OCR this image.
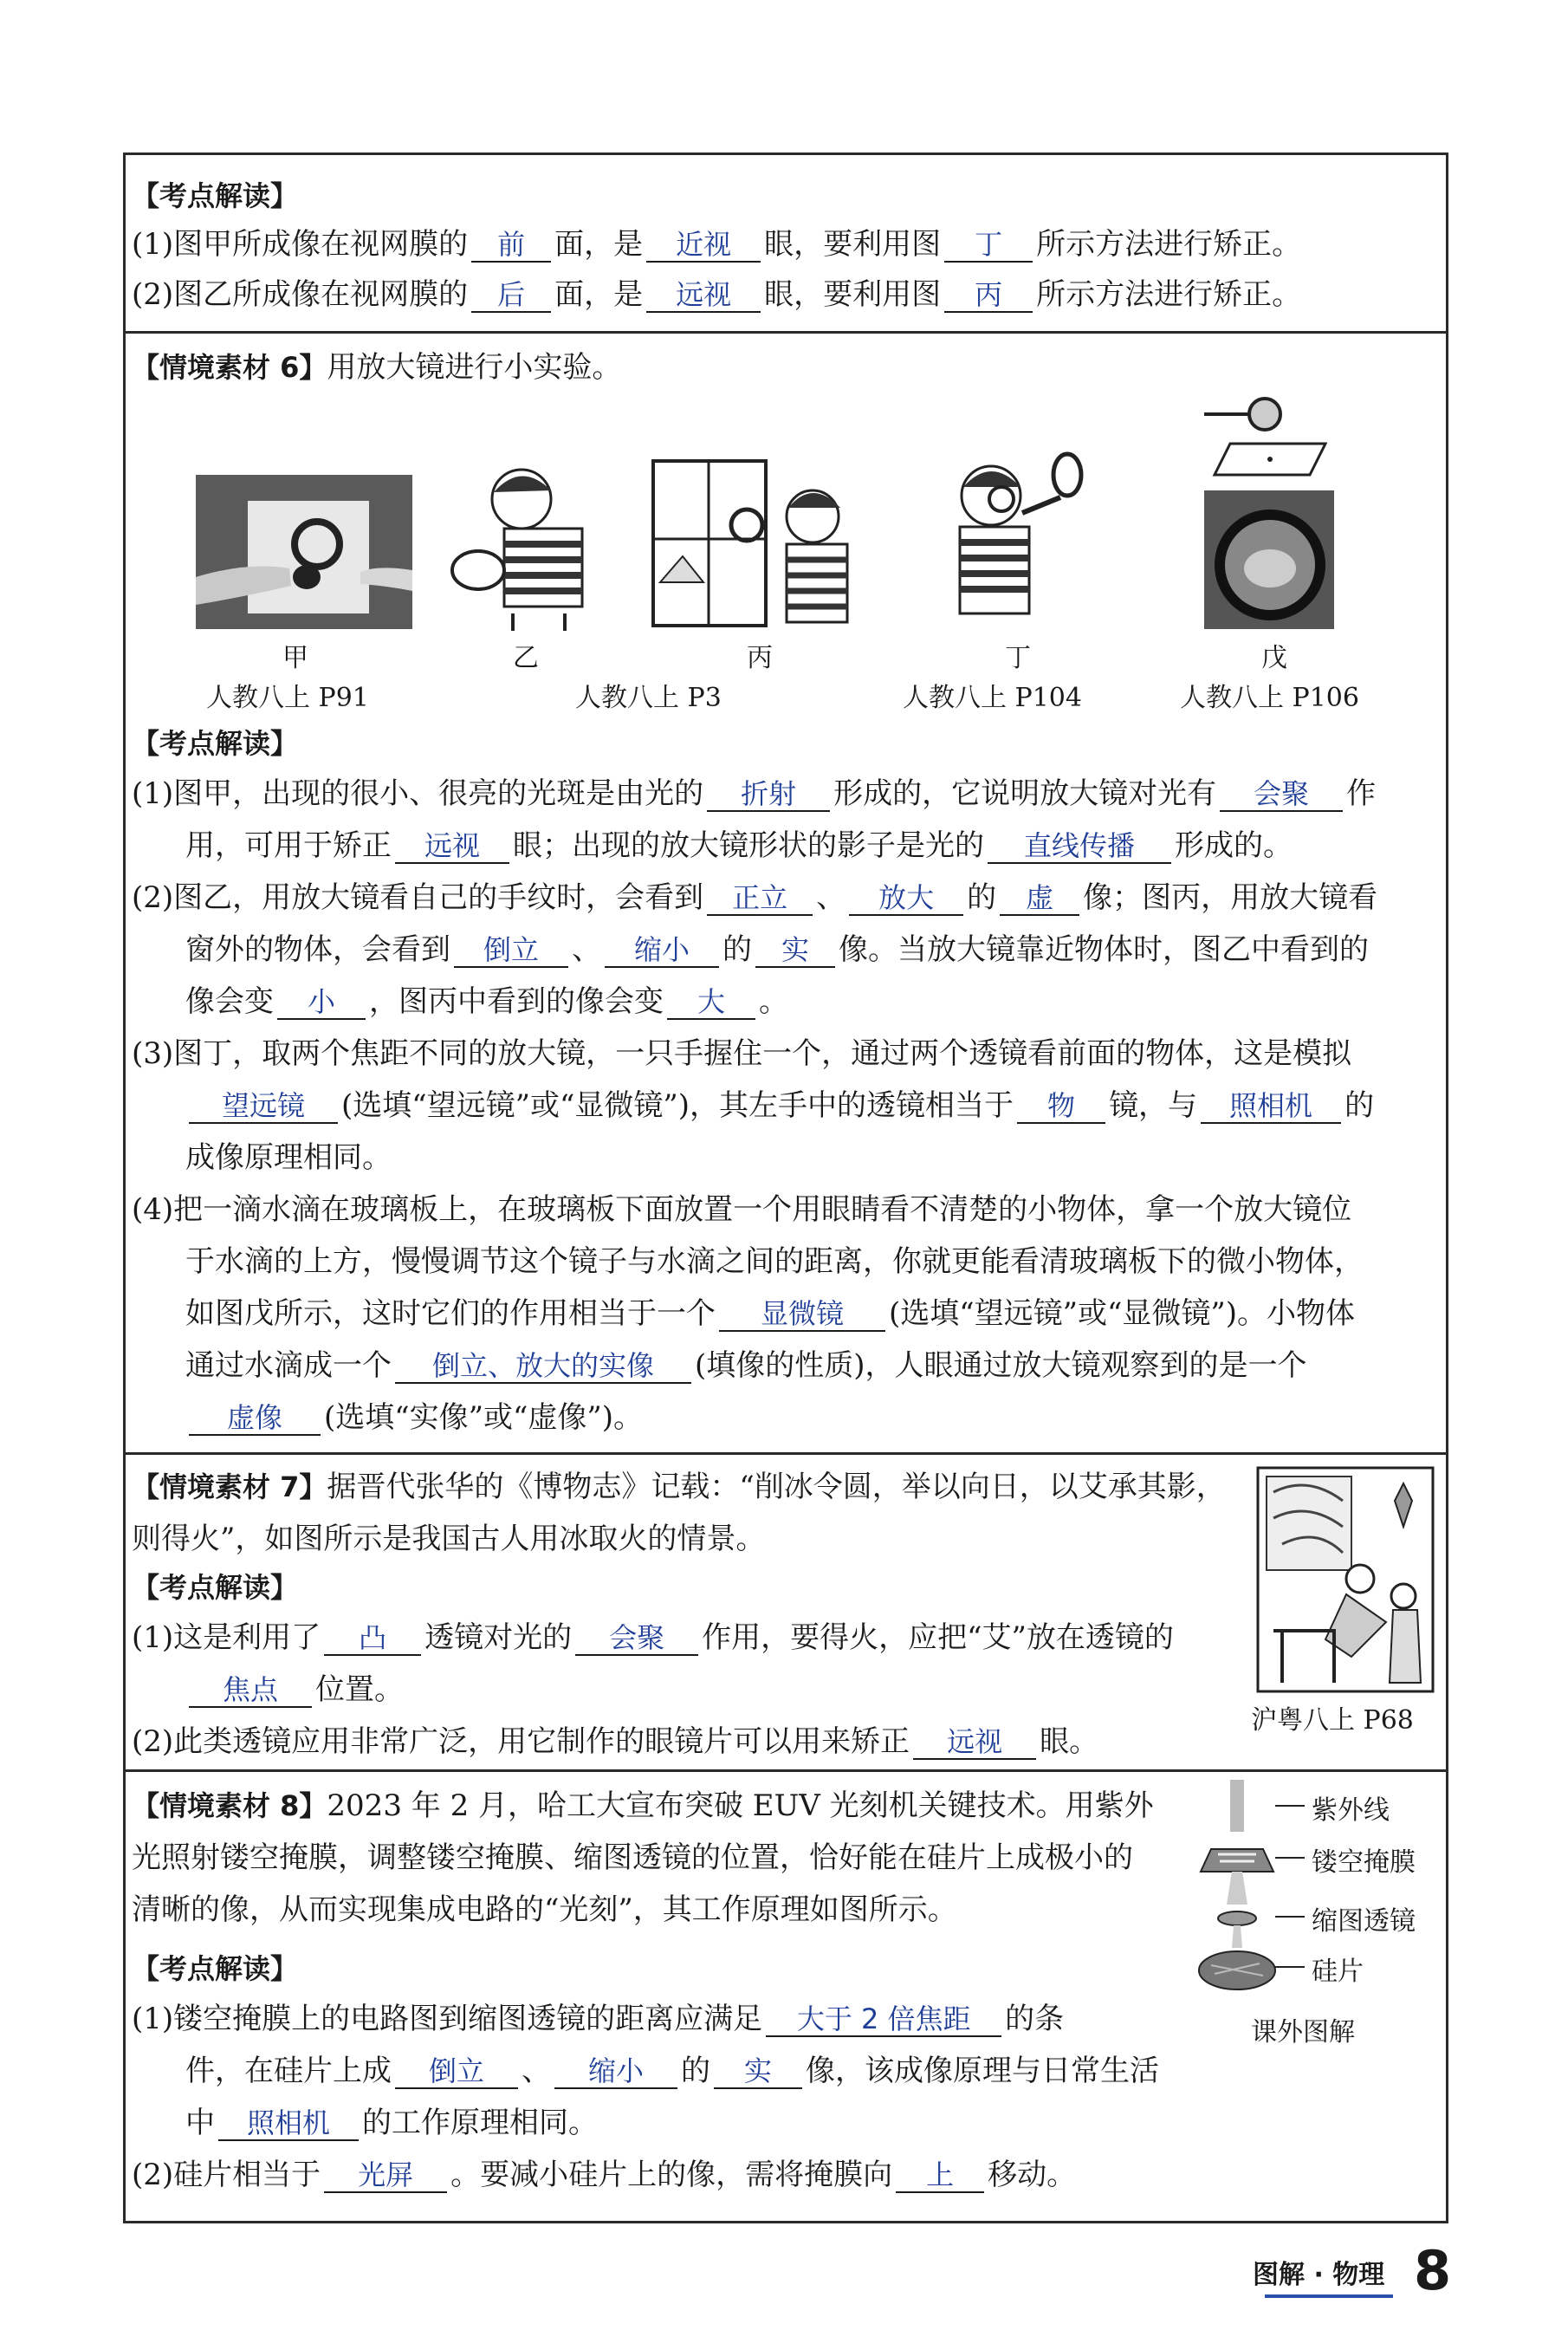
【考点解读】
(1)图甲所成像在视网膜的 前 面，是 近视 眼，要利用图 丁 所示方法进行矫正。
(2)图乙所成像在视网膜的 后 面，是 远视 眼，要利用图 丙 所示方法进行矫正。
【情境素材 6】用放大镜进行小实验。
甲	乙	丙	丁	戊
人教八上 P91	人教八上 P3	人教八上 P104	人教八上 P106
【考点解读】
(1)图甲，出现的很小、很亮的光斑是由光的 折射 形成的，它说明放大镜对光有 会聚 作
用，可用于矫正 远视 眼；出现的放大镜形状的影子是光的 直线传播 形成的。
(2)图乙，用放大镜看自己的手纹时，会看到 正立 、 放大 的 虚 像；图丙，用放大镜看
窗外的物体，会看到 倒立 、 缩小 的 实 像。当放大镜靠近物体时，图乙中看到的
像会变 小 ，图丙中看到的像会变 大 。
(3)图丁，取两个焦距不同的放大镜，一只手握住一个，通过两个透镜看前面的物体，这是模拟
望远镜 (选填“望远镜”或“显微镜”)，其左手中的透镜相当于 物 镜，与 照相机 的
成像原理相同。
(4)把一滴水滴在玻璃板上，在玻璃板下面放置一个用眼睛看不清楚的小物体，拿一个放大镜位
于水滴的上方，慢慢调节这个镜子与水滴之间的距离，你就更能看清玻璃板下的微小物体，
如图戊所示，这时它们的作用相当于一个 显微镜 (选填“望远镜”或“显微镜”)。小物体
通过水滴成一个 倒立、放大的实像 (填像的性质)，人眼通过放大镜观察到的是一个
虚像 (选填“实像”或“虚像”)。
【情境素材 7】据晋代张华的《博物志》记载：“削冰令圆，举以向日，以艾承其影，
则得火”，如图所示是我国古人用冰取火的情景。
沪粤八上 P68
【考点解读】
(1)这是利用了 凸 透镜对光的 会聚 作用，要得火，应把“艾”放在透镜的
焦点 位置。
(2)此类透镜应用非常广泛，用它制作的眼镜片可以用来矫正 远视 眼。
【情境素材 8】2023 年 2 月，哈工大宣布突破 EUV 光刻机关键技术。用紫外
光照射镂空掩膜，调整镂空掩膜、缩图透镜的位置，恰好能在硅片上成极小的
清晰的像，从而实现集成电路的“光刻”，其工作原理如图所示。
紫外线
镂空掩膜
缩图透镜
硅片
课外图解
【考点解读】
(1)镂空掩膜上的电路图到缩图透镜的距离应满足 大于 2 倍焦距 的条
件，在硅片上成 倒立 、 缩小 的 实 像，该成像原理与日常生活
中 照相机 的工作原理相同。
(2)硅片相当于 光屏 。要减小硅片上的像，需将掩膜向 上 移动。
图解 · 物理 8
